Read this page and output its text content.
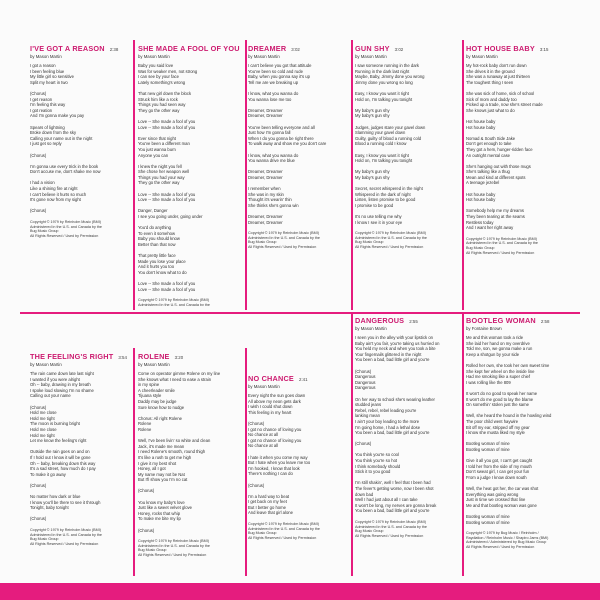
I'VE GOT A REASON 2:38
by Mason Martin
I got a reason
I been feeling blue
My little girl so sensitive
Split my heart in two
(Chorus)
I get reason
I'm feeling this way
I got reation
And I'm gonna make you pay
Spears of lightning
Broke down from the sky
Calling your name out in the night
I just get so reply
(Chorus)
I'm gonna use every trick in the book
Don't accuse me, don't shake me now
I had a vision
Like a shining fire at night
I can't believe it hurts so much
It's gone now from my sight
(Chorus)
Copyright © 1979 by Reinholm Music (BMI)
Administered in the U.S. and Canada by the
Bug Music Group
All Rights Reserved / Used by Permission
SHE MADE A FOOL OF YOU
by Mason Martin
Baby you said love
Was for weaker men, not strong
I can see by your face
Lately something's wrong
That new girl down the block
Struck him like a rock
Things you had seen way
They go the other way
Love -- She made a fool of you
Love -- She made a fool of you
Ever since that night
You've been a different man
You just wanna burn
Anyone you can
I knew the night you fell
She chose her weapon well
Things you had your way
They go the other way
Love -- She made a fool of you
Love -- She made a fool of you
Danger, Danger
I see you going under, going under
You'd do anything
To even it somehow
Baby you should know
Better than that now
That pretty little face
Made you lose your place
And it hurts you too
You don't know what to do
Love -- She made a fool of you
Love -- She made a fool of you
Copyright © 1979 by Reinholm Music (BMI)
Administered in the U.S. and Canada by the
DREAMER 3:02
by Mason Martin
I can't believe you got that attitude
You've been so cold and rude
Baby, when you gonna say it's up
Tell me are we breaking up
I know, what you wanna do
You wanna lose me too
Dreamer, Dreamer
Dreamer, Dreamer
You've been telling everyone and all
Just how I'm gonna fall
When I do you gonna be right there
To walk away and show me you don't care
I know, what you wanna do
You wanna drive me blue
Dreamer, Dreamer
Dreamer, Dreamer
I remember when
She was in my skin
Thought it's wearin' thin
She thinks she's gonna win
Dreamer, Dreamer
Dreamer, Dreamer
Copyright © 1979 by Reinholm Music (BMI)
Administered in the U.S. and Canada by the
Bug Music Group
All Rights Reserved / Used by Permission
GUN SHY 3:02
by Mason Martin
I saw someone running in the dark
Running in the dark last night
Maybe, Baby, Jimmy done you wrong
Jimmy done you wrong so long
Easy, I know you want it right
Hold on, I'm talking you tonight
My baby's gun shy
My baby's gun shy
Judges, judges stare your gavel down
Slamming your gavel down
Guilty, guilty of blood a running cold
Blood a running cold I know
Easy, I know you want it right
Hold on, I'm talking you tonight
My baby's gun shy
My baby's gun shy
Secret, secret whispered in the night
Whispered in the dark of night
Listen, listen promise to be good
I promise to be good
It's no use telling me why
I know I see it in your eye
Copyright © 1979 by Reinholm Music (BMI)
Administered in the U.S. and Canada by the
Bug Music Group
All Rights Reserved / Used by Permission
HOT HOUSE BABY 3:15
by Mason Martin
My hot-rock baby don't run down
She drives it in the ground
She was a runaway at just thirteen
The toughest thing I seen
She was sick of home, sick of school
Sick of mom and daddy too
Picked up a trade, now she's street made
She knows just what to do
Hot house baby
Hot house baby
Nomad & South Side Jake
Don't get enough to take
They got a hem, hunger-ridden face
An outright mental case
She's hanging out with those mugs
She's talking like a thug
Mean and kind at different spots
A teenage jezebel
Hot house baby
Hot house baby
Somebody help me my dreams
They been tearing at the seams
Restless today
And I want her right away
Copyright © 1979 by Reinholm Music (BMI)
Administered in the U.S. and Canada by the
Bug Music Group
All Rights Reserved / Used by Permission
THE FEELING'S RIGHT 3:54
by Mason Martin
The rain came down late last night
I wanted if you were alright
Oh -- baby, drawing in my breath
I spoke loud slowing I'm no shame
Calling out your name
(Chorus)
Hold me close
Hold me tight
The moon is burning bright
Hold me close
Hold me tight
Let me know the feeling's right
Outside the rain goes on and on
If I hold out I know it will be gone
Oh -- baby, breaking down this way
It's a sad street, how much do I pay
To make it go away
(Chorus)
No matter how dark or blue
I know you'll be there to see it through
Tonight, baby tonight
(Chorus)
Copyright © 1979 by Reinholm Music (BMI)
Administered in the U.S. and Canada by the
Bug Music Group
All Rights Reserved / Used by Permission
ROLENE 3:20
by Mason Martin
Come on operator gimme Rolene on my line
She knows what I need to ease a strain
in my spine
A cheerleader smile
Tijuana style
Daddy may be judge
Sure know how to nudge
Chorus: All right Rolene
Rolene
Rolene
Well, I've been livin' so white and clean
Jack, it's made me mean
I need Rolene's smooth, round thigh
It's like a rush to get me high
I give it my best shot
Honey, all I got
My name may not be Nat
But I'll show you I'm no cat
(Chorus)
You know my baby's love
Just like a sweet velvet glove
Honey, rocks that whip
To make me bite my lip
(Chorus)
Copyright © 1979 by Reinholm Music (BMI)
Administered in the U.S. and Canada by the
Bug Music Group
All Rights Reserved / Used by Permission
NO CHANCE 2:41
by Mason Martin
Every night the sun goes down
All above my neon gets dark
I wish I could shut down
This feeling in my heart
(Chorus)
I got no chance of loving you
No chance at all
I got no chance of loving you
No chance at all
I hate it when you come my way
But I hate when you leave me too
I'm hooked, I know that look
There's nothing I can do
(Chorus)
I'm a hard way to beat
I get back on my feet
But I better go home
And leave that girl alone
Copyright © 1979 by Reinholm Music (BMI)
Administered in the U.S. and Canada by the
Bug Music Group
All Rights Reserved / Used by Permission
DANGEROUS 2:55
by Mason Martin
I seen you in the alley with your lipstick on
Baby ain't you fair, you're taking us hurried on
You held my neck and when you took a bite
Your fingernails glittered in the night
You been a bad, bad little girl and you're
(Chorus)
Dangerous
Dangerous
Dangerous
On her way to school she's wearing leather
studded jeans
Rebel, rebel, rebel leading you're
lanking mean
I ain't your boy leading to the more
I'm going home, I had a lethal dose
You been a bad, bad little girl and you're
(Chorus)
You think you're so cool
You think you're so hot
I think somebody should
Stick it to you good
I'm still shakin', well I feel that I been had
The fever's getting worse, now I been shot
down bad
Well I had just about all I can take
It won't be long, my nerves are gonna break
You been a bad, bad little girl and you're
Copyright © 1979 by Reinholm Music (BMI)
Administered in the U.S. and Canada by the
Bug Music Group
All Rights Reserved / Used by Permission
BOOTLEG WOMAN 2:58
by Fontaine Brown
Me and this woman took a ride
She laid her hand on my overdrive
Told me, son, we gonna make a run
Keep a shotgun by your side
Rolled her own, she took her own sweet time
She kept her wheel on the inside line
Had me smoking like a super chief
I was rolling like the 809
It won't do no good to speak her name
It won't do me good to lay the blame
On somethin' stolen just the same
Well, she heard the hound in the howling wind
The poor child went haywire
Bit off my ear, stripped off my gear
I know she musta liked my style
Bootleg woman of mine
Bootleg woman of mine
Give it all you got, I can't get caught
I told her from the side of my mouth
Don't sweat girl, I can get your fun
From a judge I know down south
Well, the heat got her, the car was shot
Everything was going wrong
Just in time we crossed that line
Me and that bootleg woman was gone
Bootleg woman of mine
Bootleg woman of mine
Copyright © 1979 by Bug Music / Reinholm /
Raydiation / Reinholm Music / Shapiro Jams (BMI)
Administered / Administered by Bug Music Group
All Rights Reserved / Used by Permission
